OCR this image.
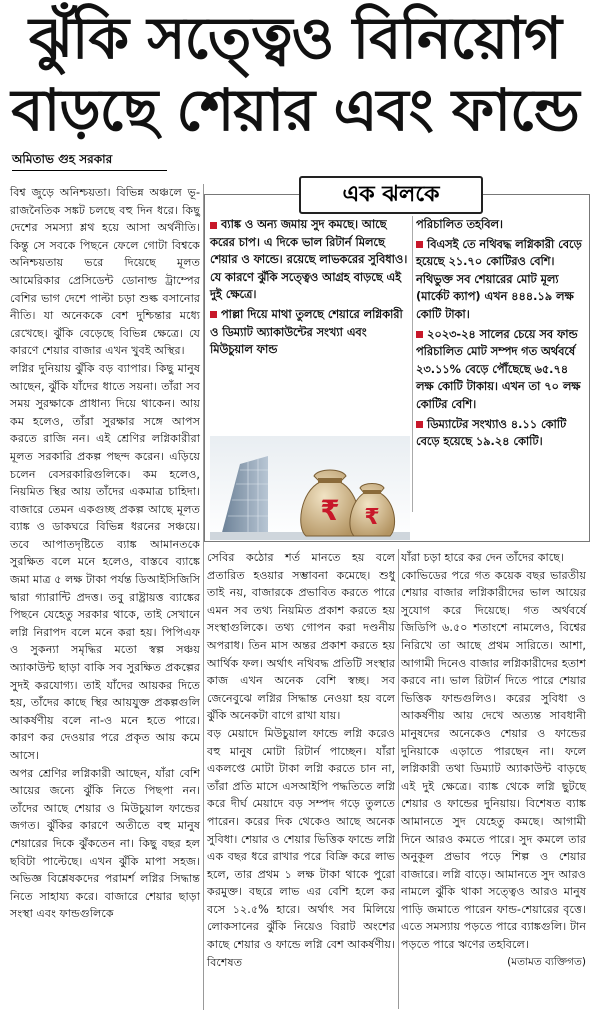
ঝুঁকি সত্ত্বেও বিনিয়োগ
বাড়ছে শেয়ার এবং ফান্ডে
অমিতাভ গুহ সরকার

বিশ্ব জুড়ে অনিশ্চয়তা। বিভিন্ন অঞ্চলে ভূ-রাজনৈতিক সঙ্কট চলছে বহু দিন ধরে। কিছু দেশের সমস্যা শ্লথ হয়ে আসা অর্থনীতি। কিন্তু সে সবকে পিছনে ফেলে গোটা বিশ্বকে অনিশ্চয়তায় ভরে দিয়েছে মূলত আমেরিকার প্রেসিডেন্ট ডোনাল্ড ট্রাম্পের বেশির ভাগ দেশে পাল্টা চড়া শুল্ক বসানোর নীতি। যা অনেককে বেশ দুশ্চিন্তার মধ্যে রেখেছে। ঝুঁকি বেড়েছে বিভিন্ন ক্ষেত্রে। যে কারণে শেয়ার বাজার এখন খুবই অস্থির।

লগ্নির দুনিয়ায় ঝুঁকি বড় ব্যাপার। কিছু মানুষ আছেন, ঝুঁকি যাঁদের ধাতে সয়না। তাঁরা সব সময় সুরক্ষাকে প্রাধান্য দিয়ে থাকেন। আয় কম হলেও, তাঁরা সুরক্ষার সঙ্গে আপস করতে রাজি নন। এই শ্রেণির লগ্নিকারীরা মূলত সরকারি প্রকল্প পছন্দ করেন। এড়িয়ে চলেন বেসরকারিগুলিকে। কম হলেও, নিয়মিত স্থির আয় তাঁদের একমাত্র চাহিদা। বাজারে তেমন একগুচ্ছ প্রকল্প আছে মূলত ব্যাঙ্ক ও ডাকঘরে বিভিন্ন ধরনের সঞ্চয়ে। তবে আপাতদৃষ্টিতে ব্যাঙ্ক আমানতকে সুরক্ষিত বলে মনে হলেও, বাস্তবে ব্যাঙ্কে জমা মাত্র ৫ লক্ষ টাকা পর্যন্ত ডিআইসিজিসি দ্বারা গ্যারান্টি প্রদত্ত। তবু রাষ্ট্রায়ত্ত ব্যাঙ্কের পিছনে যেহেতু সরকার থাকে, তাই সেখানে লগ্নি নিরাপদ বলে মনে করা হয়। পিপিএফ ও সুকন্যা সমৃদ্ধির মতো স্বল্প সঞ্চয় অ্যাকাউন্ট ছাড়া বাকি সব সুরক্ষিত প্রকল্পের সুদই করযোগ্য। তাই যাঁদের আয়কর দিতে হয়, তাঁদের কাছে স্থির আয়যুক্ত প্রকল্পগুলি আকর্ষণীয় বলে না-ও মনে হতে পারে। কারণ কর দেওয়ার পরে প্রকৃত আয় কমে আসে।

অপর শ্রেণির লগ্নিকারী আছেন, যাঁরা বেশি আয়ের জন্যে ঝুঁকি নিতে পিছপা নন। তাঁদের আছে শেয়ার ও মিউচুয়াল ফান্ডের জগত। ঝুঁকির কারণে অতীতে বহু মানুষ শেয়ারের দিকে ঝুঁকতেন না। কিছু বছর হল ছবিটা পাল্টেছে। এখন ঝুঁকি মাপা সহজ। অভিজ্ঞ বিশ্লেষকদের পরামর্শ লগ্নির সিদ্ধান্ত নিতে সাহায্য করে। বাজারে শেয়ার ছাড়া সংস্থা এবং ফান্ডগুলিকে

এক ঝলকে

ব্যাঙ্ক ও অন্য জমায় সুদ কমছে। আছে করের চাপ। এ দিকে ভাল রিটার্ন মিলছে শেয়ার ও ফান্ডে। রয়েছে লাভকরের সুবিধাও। যে কারণে ঝুঁকি সত্ত্বেও আগ্রহ বাড়ছে এই দুই ক্ষেত্রে।

পাল্লা দিয়ে মাথা তুলছে শেয়ারে লগ্নিকারী ও ডিম্যাট অ্যাকাউন্টের সংখ্যা এবং মিউচুয়াল ফান্ড

পরিচালিত তহবিল।

বিএসই তে নথিবদ্ধ লগ্নিকারী বেড়ে হয়েছে ২১.৭০ কোটিরও বেশি। নথিভুক্ত সব শেয়ারের মোট মূল্য (মার্কেট ক্যাপ) এখন ৪৪৪.১৯ লক্ষ কোটি টাকা।

২০২৩-২৪ সালের চেয়ে সব ফান্ড পরিচালিত মোট সম্পদ গত অর্থবর্ষে ২৩.১১% বেড়ে পৌঁছেছে ৬৫.৭৪ লক্ষ কোটি টাকায়। এখন তা ৭০ লক্ষ কোটির বেশি।

ডিম্যাটের সংখ্যাও ৪.১১ কোটি বেড়ে হয়েছে ১৯.২৪ কোটি।

₹ ₹

সেবির কঠোর শর্ত মানতে হয় বলে প্রতারিত হওয়ার সম্ভাবনা কমেছে। শুধু তাই নয়, বাজারকে প্রভাবিত করতে পারে এমন সব তথ্য নিয়মিত প্রকাশ করতে হয় সংস্থাগুলিকে। তথ্য গোপন করা দণ্ডনীয় অপরাধ। তিন মাস অন্তর প্রকাশ করতে হয় আর্থিক ফল। অর্থাৎ নথিবদ্ধ প্রতিটি সংস্থার কাজ এখন অনেক বেশি স্বচ্ছ। সব জেনেবুঝে লগ্নির সিদ্ধান্ত নেওয়া হয় বলে ঝুঁকি অনেকটা বাগে রাখা যায়।

বড় মেয়াদে মিউচুয়াল ফান্ডে লগ্নি করেও বহু মানুষ মোটা রিটার্ন পাচ্ছেন। যাঁরা একলপ্তে মোটা টাকা লগ্নি করতে চান না, তাঁরা প্রতি মাসে এসআইপি পদ্ধতিতে লগ্নি করে দীর্ঘ মেয়াদে বড় সম্পদ গড়ে তুলতে পারেন। করের দিক থেকেও আছে অনেক সুবিধা। শেয়ার ও শেয়ার ভিত্তিক ফান্ডে লগ্নি এক বছর ধরে রাখার পরে বিক্রি করে লাভ হলে, তার প্রথম ১ লক্ষ টাকা থাকে পুরো করমুক্ত। বছরে লাভ এর বেশি হলে কর বসে ১২.৫% হারে। অর্থাৎ সব মিলিয়ে লোকসানের ঝুঁকি নিয়েও বিরাট অংশের কাছে শেয়ার ও ফান্ডে লগ্নি বেশ আকর্ষণীয়। বিশেষত

যাঁরা চড়া হারে কর দেন তাঁদের কাছে।

কোভিডের পরে গত কয়েক বছর ভারতীয় শেয়ার বাজার লগ্নিকারীদের ভাল আয়ের সুযোগ করে দিয়েছে। গত অর্থবর্ষে জিডিপি ৬.৫০ শতাংশে নামলেও, বিশ্বের নিরিখে তা আছে প্রথম সারিতে। আশা, আগামী দিনেও বাজার লগ্নিকারীদের হতাশ করবে না। ভাল রিটার্ন দিতে পারে শেয়ার ভিত্তিক ফান্ডগুলিও। করের সুবিধা ও আকর্ষণীয় আয় দেখে অত্যন্ত সাবধানী মানুষদের অনেকেও শেয়ার ও ফান্ডের দুনিয়াকে এড়াতে পারছেন না। ফলে লগ্নিকারী তথা ডিম্যাট অ্যাকাউন্ট বাড়ছে এই দুই ক্ষেত্রে। ব্যাঙ্ক থেকে লগ্নি ছুটছে শেয়ার ও ফান্ডের দুনিয়ায়। বিশেষত ব্যাঙ্ক আমানতে সুদ যেহেতু কমছে। আগামী দিনে আরও কমতে পারে। সুদ কমলে তার অনুকূল প্রভাব পড়ে শিল্প ও শেয়ার বাজারে। লগ্নি বাড়ে। আমানতে সুদ আরও নামলে ঝুঁকি থাকা সত্ত্বেও আরও মানুষ পাড়ি জমাতে পারেন ফান্ড-শেয়ারের বৃত্তে। এতে সমস্যায় পড়তে পারে ব্যাঙ্কগুলি। টান পড়তে পারে ঋণের তহবিলে।

(মতামত ব্যক্তিগত)
